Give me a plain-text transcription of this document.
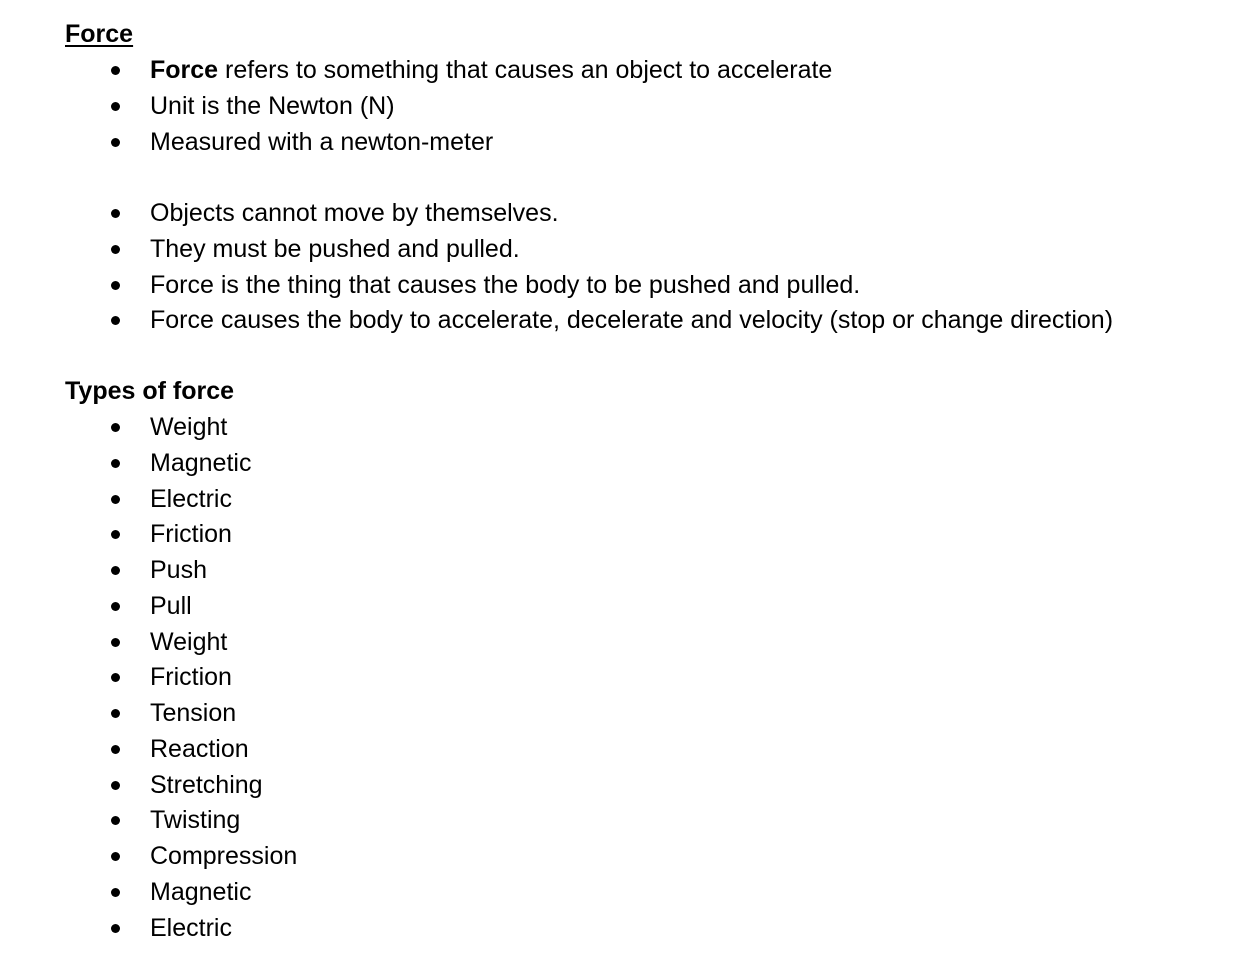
Force
Force refers to something that causes an object to accelerate
Unit is the Newton (N)
Measured with a newton-meter
Objects cannot move by themselves.
They must be pushed and pulled.
Force is the thing that causes the body to be pushed and pulled.
Force causes the body to accelerate, decelerate and velocity (stop or change direction)
Types of force
Weight
Magnetic
Electric
Friction
Push
Pull
Weight
Friction
Tension
Reaction
Stretching
Twisting
Compression
Magnetic
Electric
